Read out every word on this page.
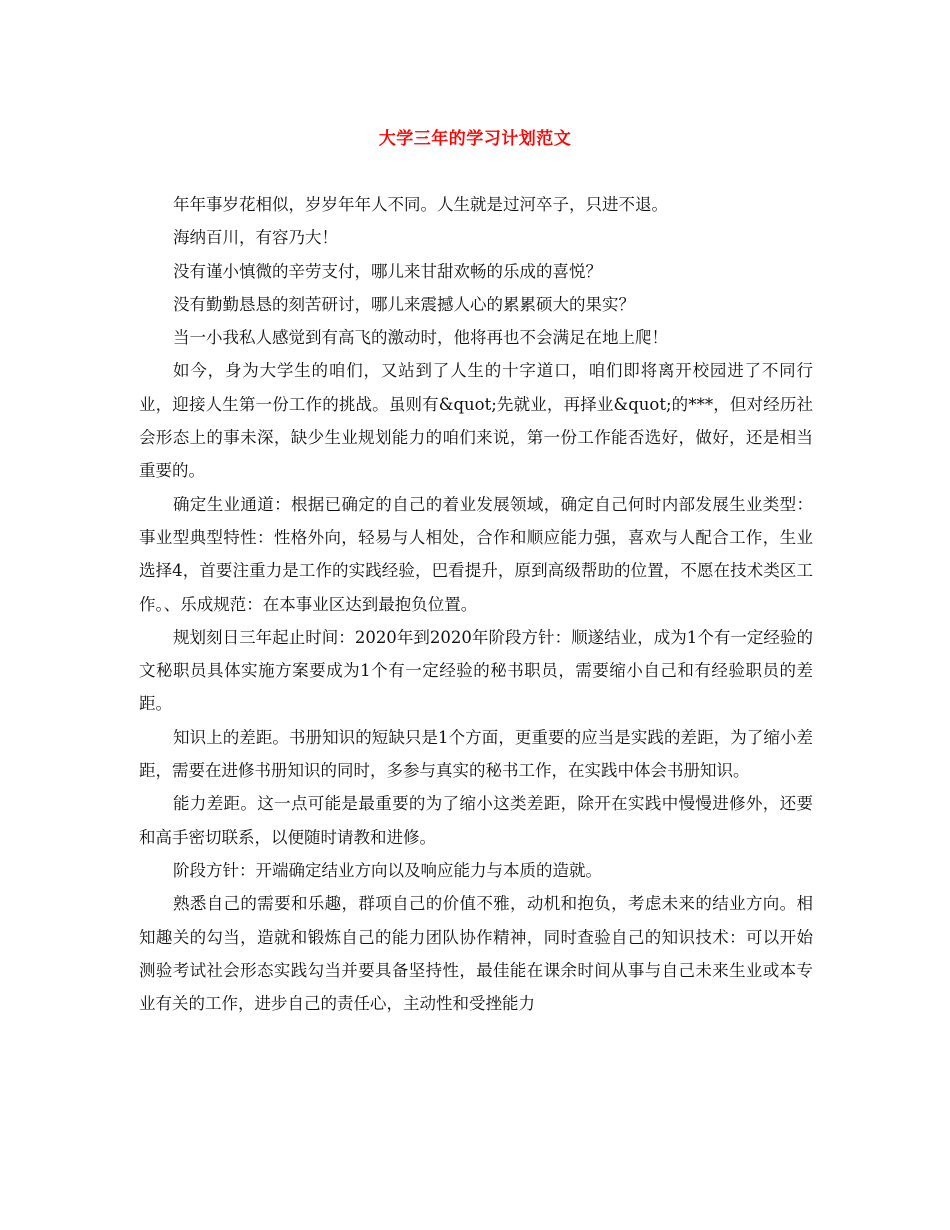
大学三年的学习计划范文

年年事岁花相似，岁岁年年人不同。人生就是过河卒子，只进不退。

海纳百川，有容乃大！

没有谨小慎微的辛劳支付，哪儿来甘甜欢畅的乐成的喜悦？

没有勤勤恳恳的刻苦研讨，哪儿来震撼人心的累累硕大的果实？

当一小我私人感觉到有高飞的激动时，他将再也不会满足在地上爬！

如今，身为大学生的咱们，又站到了人生的十字道口，咱们即将离开校园进了不同行业，迎接人生第一份工作的挑战。虽则有&quot;先就业，再择业&quot;的***，但对经历社会形态上的事未深，缺少生业规划能力的咱们来说，第一份工作能否选好，做好，还是相当重要的。

确定生业通道：根据已确定的自己的着业发展领域，确定自己何时内部发展生业类型：事业型典型特性：性格外向，轻易与人相处，合作和顺应能力强，喜欢与人配合工作，生业选择4，首要注重力是工作的实践经验，巴看提升，原到高级帮助的位置，不愿在技术类区工作。、乐成规范：在本事业区达到最抱负位置。

规划刻日三年起止时间：2020年到2020年阶段方针：顺遂结业，成为1个有一定经验的文秘职员具体实施方案要成为1个有一定经验的秘书职员，需要缩小自己和有经验职员的差距。

知识上的差距。书册知识的短缺只是1个方面，更重要的应当是实践的差距，为了缩小差距，需要在进修书册知识的同时，多参与真实的秘书工作，在实践中体会书册知识。

能力差距。这一点可能是最重要的为了缩小这类差距，除开在实践中慢慢进修外，还要和高手密切联系，以便随时请教和进修。

阶段方针：开端确定结业方向以及响应能力与本质的造就。

熟悉自己的需要和乐趣，群项自己的价值不雅，动机和抱负，考虑未来的结业方向。相知趣关的勾当，造就和锻炼自己的能力团队协作精神，同时查验自己的知识技术：可以开始测验考试社会形态实践勾当并要具备坚持性，最佳能在课余时间从事与自己未来生业或本专业有关的工作，进步自己的责任心，主动性和受挫能力
